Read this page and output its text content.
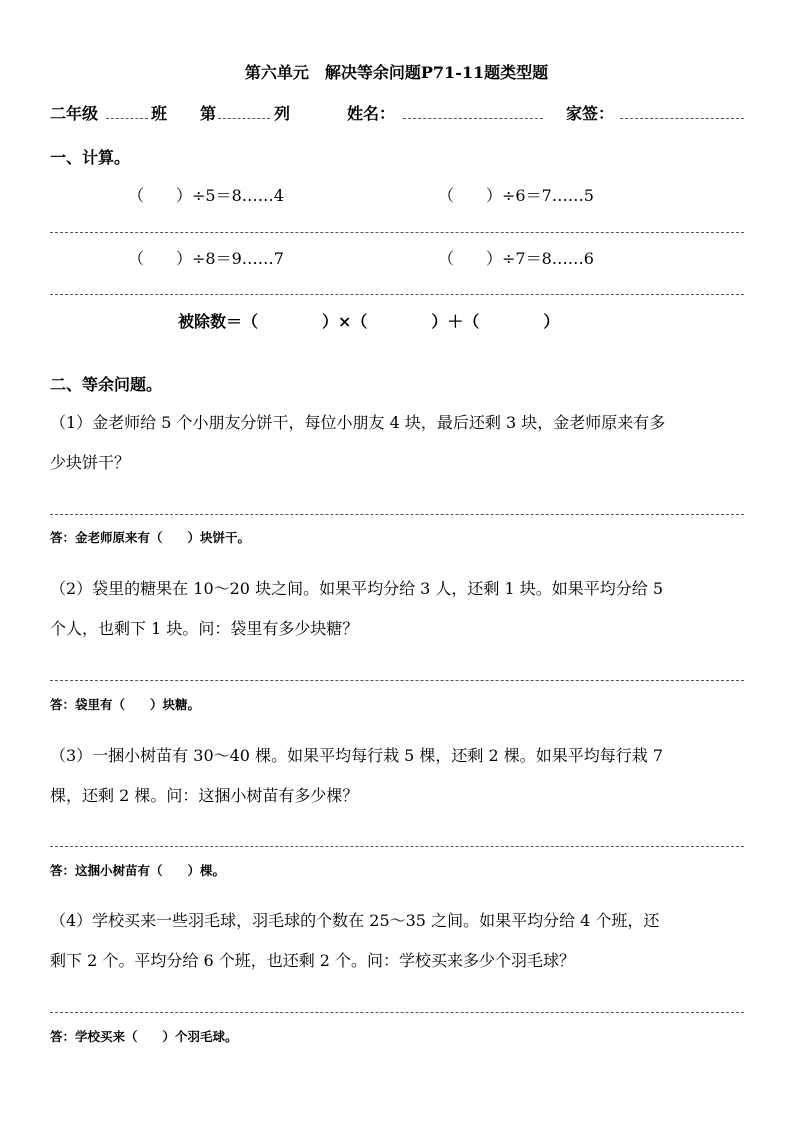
第六单元　解决等余问题P71-11题类型题
二年级	班 第	列	姓名：	家签：
一、计算。
（　　）÷5＝8……4	（　　）÷6＝7……5
（　　）÷8＝9……7	（　　）÷7＝8……6
被除数＝（　　　　）×（　　　　）＋（　　　　）
二、等余问题。
（1）金老师给 5 个小朋友分饼干，每位小朋友 4 块，最后还剩 3 块，金老师原来有多
少块饼干？
答：金老师原来有（　　）块饼干。
（2）袋里的糖果在 10～20 块之间。如果平均分给 3 人，还剩 1 块。如果平均分给 5
个人，也剩下 1 块。问：袋里有多少块糖？
答：袋里有（　　）块糖。
（3）一捆小树苗有 30～40 棵。如果平均每行栽 5 棵，还剩 2 棵。如果平均每行栽 7
棵，还剩 2 棵。问：这捆小树苗有多少棵？
答：这捆小树苗有（　　）棵。
（4）学校买来一些羽毛球，羽毛球的个数在 25～35 之间。如果平均分给 4 个班，还
剩下 2 个。平均分给 6 个班，也还剩 2 个。问：学校买来多少个羽毛球？
答：学校买来（　　）个羽毛球。
